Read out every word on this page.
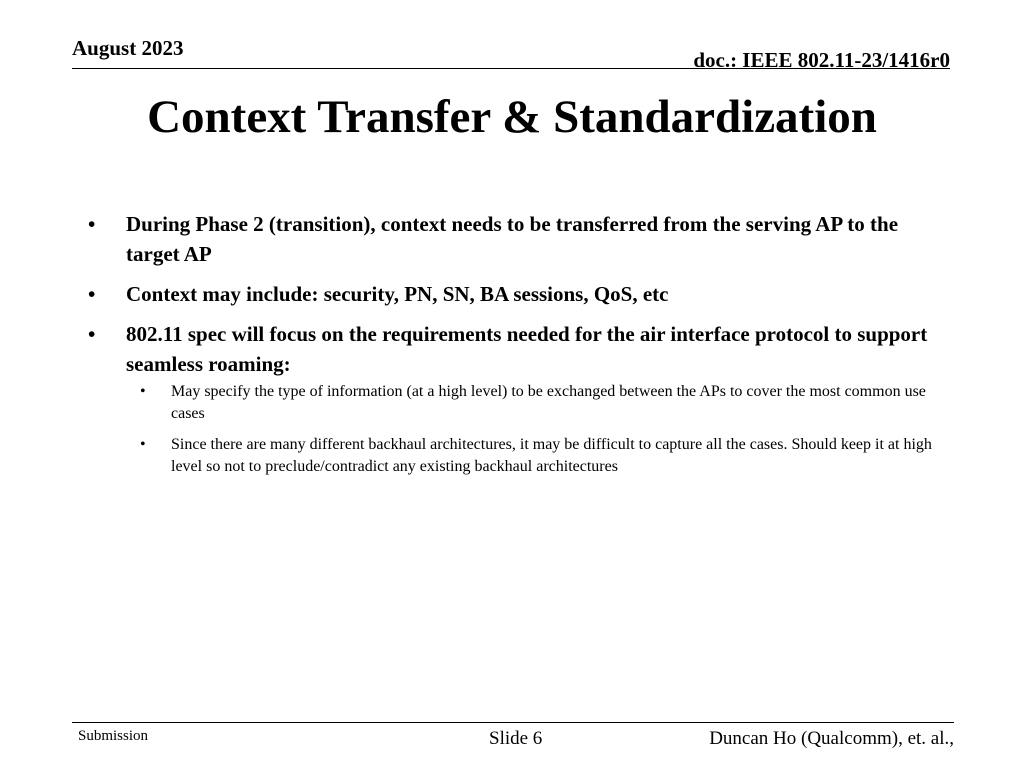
August 2023	doc.: IEEE 802.11-23/1416r0
Context Transfer & Standardization
• During Phase 2 (transition), context needs to be transferred from the serving AP to the target AP
• Context may include: security, PN, SN, BA sessions, QoS, etc
• 802.11 spec will focus on the requirements needed for the air interface protocol to support seamless roaming:
• May specify the type of information (at a high level) to be exchanged between the APs to cover the most common use cases
• Since there are many different backhaul architectures, it may be difficult to capture all the cases. Should keep it at high level so not to preclude/contradict any existing backhaul architectures
Submission	Slide 6	Duncan Ho (Qualcomm), et. al.,
